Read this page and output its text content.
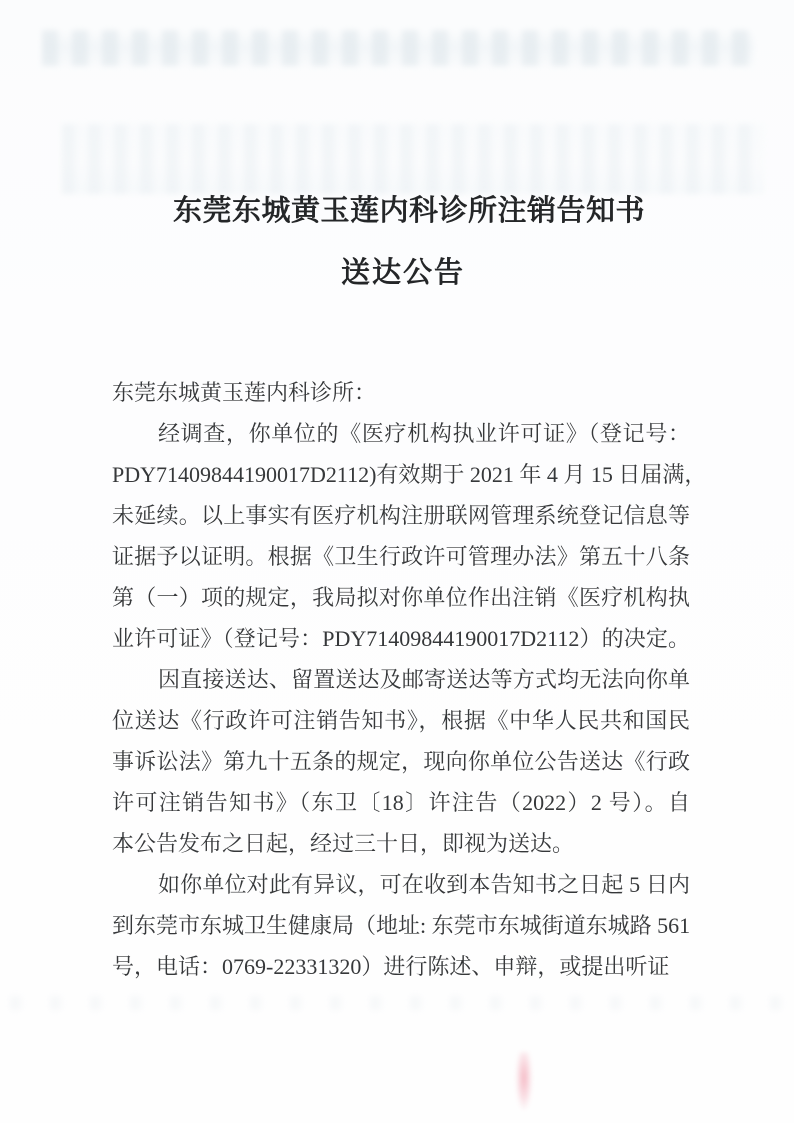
东莞东城黄玉莲内科诊所注销告知书
送达公告
东莞东城黄玉莲内科诊所：
经调查，你单位的《医疗机构执业许可证》（登记号：
PDY71409844190017D2112)有效期于 2021 年 4 月 15 日届满，
未延续。以上事实有医疗机构注册联网管理系统登记信息等
证据予以证明。根据《卫生行政许可管理办法》第五十八条
第（一）项的规定，我局拟对你单位作出注销《医疗机构执
业许可证》（登记号：PDY71409844190017D2112）的决定。
因直接送达、留置送达及邮寄送达等方式均无法向你单
位送达《行政许可注销告知书》，根据《中华人民共和国民
事诉讼法》第九十五条的规定，现向你单位公告送达《行政
许可注销告知书》（东卫〔18〕许注告（2022）2 号）。自
本公告发布之日起，经过三十日，即视为送达。
如你单位对此有异议，可在收到本告知书之日起 5 日内
到东莞市东城卫生健康局（地址: 东莞市东城街道东城路 561
号，电话：0769-22331320）进行陈述、申辩，或提出听证
